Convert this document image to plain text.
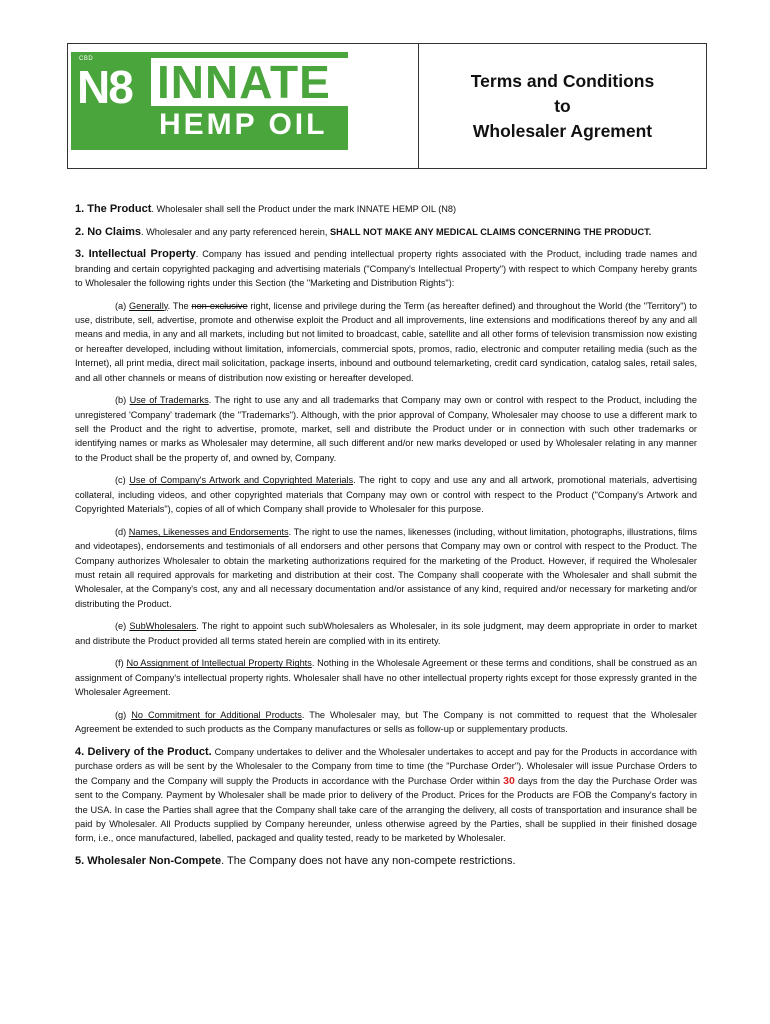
CBD
N8 INNATE
HEMP OIL
Terms and Conditions
to
Wholesaler Agrement

1. The Product. Wholesaler shall sell the Product under the mark INNATE HEMP OIL (N8)

2. No Claims. Wholesaler and any party referenced herein, SHALL NOT MAKE ANY MEDICAL CLAIMS CONCERNING THE PRODUCT.

3. Intellectual Property. Company has issued and pending intellectual property rights associated with the Product, including trade names and branding and certain copyrighted packaging and advertising materials ("Company's Intellectual Property") with respect to which Company hereby grants to Wholesaler the following rights under this Section (the "Marketing and Distribution Rights"):

(a) Generally. The non-exclusive right, license and privilege during the Term (as hereafter defined) and throughout the World (the "Territory") to use, distribute, sell, advertise, promote and otherwise exploit the Product and all improvements, line extensions and modifications thereof by any and all means and media, in any and all markets, including but not limited to broadcast, cable, satellite and all other forms of television transmission now existing or hereafter developed, including without limitation, infomercials, commercial spots, promos, radio, electronic and computer retailing media (such as the Internet), all print media, direct mail solicitation, package inserts, inbound and outbound telemarketing, credit card syndication, catalog sales, retail sales, and all other channels or means of distribution now existing or hereafter developed.

(b) Use of Trademarks. The right to use any and all trademarks that Company may own or control with respect to the Product, including the unregistered 'Company' trademark (the "Trademarks"). Although, with the prior approval of Company, Wholesaler may choose to use a different mark to sell the Product and the right to advertise, promote, market, sell and distribute the Product under or in connection with such other trademarks or identifying names or marks as Wholesaler may determine, all such different and/or new marks developed or used by Wholesaler relating in any manner to the Product shall be the property of, and owned by, Company.

(c) Use of Company's Artwork and Copyrighted Materials. The right to copy and use any and all artwork, promotional materials, advertising collateral, including videos, and other copyrighted materials that Company may own or control with respect to the Product ("Company's Artwork and Copyrighted Materials"), copies of all of which Company shall provide to Wholesaler for this purpose.

(d) Names, Likenesses and Endorsements. The right to use the names, likenesses (including, without limitation, photographs, illustrations, films and videotapes), endorsements and testimonials of all endorsers and other persons that Company may own or control with respect to the Product. The Company authorizes Wholesaler to obtain the marketing authorizations required for the marketing of the Product. However, if required the Wholesaler must retain all required approvals for marketing and distribution at their cost. The Company shall cooperate with the Wholesaler and shall submit the Wholesaler, at the Company's cost, any and all necessary documentation and/or assistance of any kind, required and/or necessary for marketing and/or distributing the Product.

(e) SubWholesalers. The right to appoint such subWholesalers as Wholesaler, in its sole judgment, may deem appropriate in order to market and distribute the Product provided all terms stated herein are complied with in its entirety.

(f) No Assignment of Intellectual Property Rights. Nothing in the Wholesale Agreement or these terms and conditions, shall be construed as an assignment of Company's intellectual property rights. Wholesaler shall have no other intellectual property rights except for those expressly granted in the Wholesaler Agreement.

(g) No Commitment for Additional Products. The Wholesaler may, but The Company is not committed to request that the Wholesaler Agreement be extended to such products as the Company manufactures or sells as follow-up or supplementary products.

4. Delivery of the Product. Company undertakes to deliver and the Wholesaler undertakes to accept and pay for the Products in accordance with purchase orders as will be sent by the Wholesaler to the Company from time to time (the "Purchase Order"). Wholesaler will issue Purchase Orders to the Company and the Company will supply the Products in accordance with the Purchase Order within 30 days from the day the Purchase Order was sent to the Company. Payment by Wholesaler shall be made prior to delivery of the Product. Prices for the Products are FOB the Company's factory in the USA. In case the Parties shall agree that the Company shall take care of the arranging the delivery, all costs of transportation and insurance shall be paid by Wholesaler. All Products supplied by Company hereunder, unless otherwise agreed by the Parties, shall be supplied in their finished dosage form, i.e., once manufactured, labelled, packaged and quality tested, ready to be marketed by Wholesaler.

5. Wholesaler Non-Compete. The Company does not have any non-compete restrictions.
